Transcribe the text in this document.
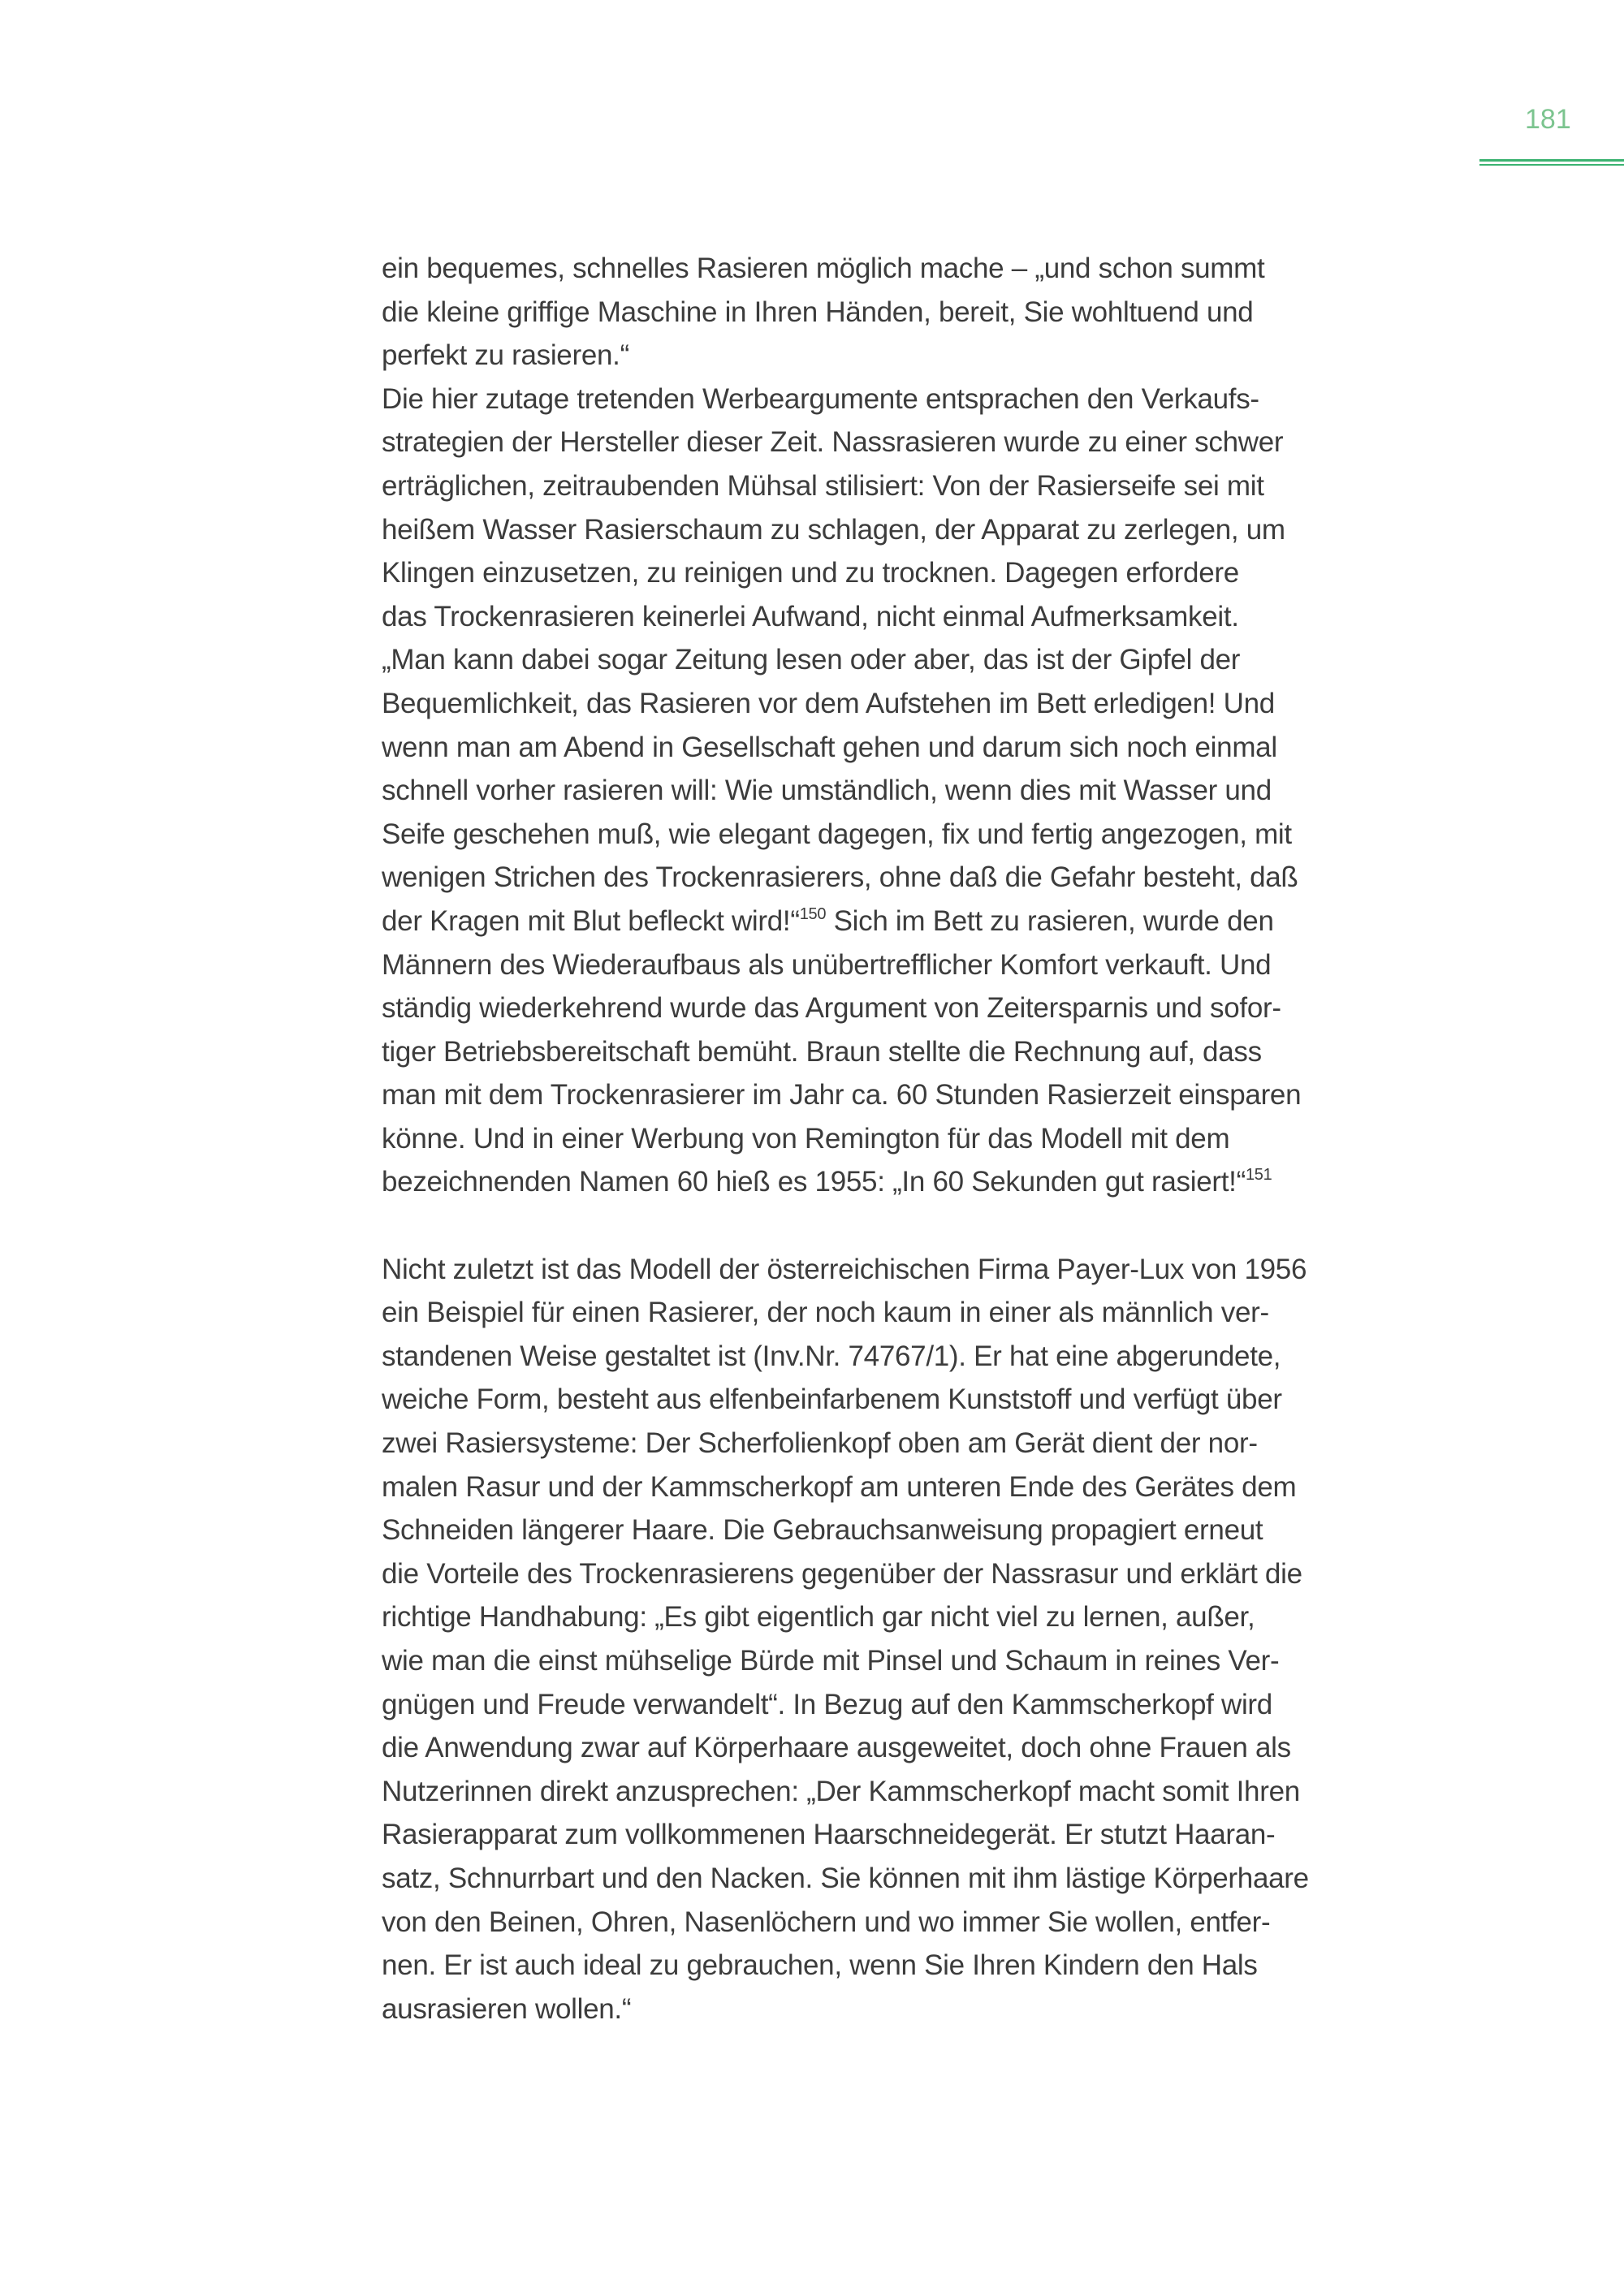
181
ein bequemes, schnelles Rasieren möglich mache – „und schon summt
die kleine griffige Maschine in Ihren Händen, bereit, Sie wohltuend und
perfekt zu rasieren.“
Die hier zutage tretenden Werbeargumente entsprachen den Verkaufs-
strategien der Hersteller dieser Zeit. Nassrasieren wurde zu einer schwer
erträglichen, zeitraubenden Mühsal stilisiert: Von der Rasierseife sei mit
heißem Wasser Rasierschaum zu schlagen, der Apparat zu zerlegen, um
Klingen einzusetzen, zu reinigen und zu trocknen. Dagegen erfordere
das Trockenrasieren keinerlei Aufwand, nicht einmal Aufmerksamkeit.
„Man kann dabei sogar Zeitung lesen oder aber, das ist der Gipfel der
Bequemlichkeit, das Rasieren vor dem Aufstehen im Bett erledigen! Und
wenn man am Abend in Gesellschaft gehen und darum sich noch einmal
schnell vorher rasieren will: Wie umständlich, wenn dies mit Wasser und
Seife geschehen muß, wie elegant dagegen, fix und fertig angezogen, mit
wenigen Strichen des Trockenrasierers, ohne daß die Gefahr besteht, daß
der Kragen mit Blut befleckt wird!“$^{150}$ Sich im Bett zu rasieren, wurde den
Männern des Wiederaufbaus als unübertrefflicher Komfort verkauft. Und
ständig wiederkehrend wurde das Argument von Zeitersparnis und sofor-
tiger Betriebsbereitschaft bemüht. Braun stellte die Rechnung auf, dass
man mit dem Trockenrasierer im Jahr ca. 60 Stunden Rasierzeit einsparen
könne. Und in einer Werbung von Remington für das Modell mit dem
bezeichnenden Namen 60 hieß es 1955: „In 60 Sekunden gut rasiert!“$^{151}$
Nicht zuletzt ist das Modell der österreichischen Firma Payer-Lux von 1956
ein Beispiel für einen Rasierer, der noch kaum in einer als männlich ver-
standenen Weise gestaltet ist (Inv.Nr. 74767/1). Er hat eine abgerundete,
weiche Form, besteht aus elfenbeinfarbenem Kunststoff und verfügt über
zwei Rasiersysteme: Der Scherfolienkopf oben am Gerät dient der nor-
malen Rasur und der Kammscherkopf am unteren Ende des Gerätes dem
Schneiden längerer Haare. Die Gebrauchsanweisung propagiert erneut
die Vorteile des Trockenrasierens gegenüber der Nassrasur und erklärt die
richtige Handhabung: „Es gibt eigentlich gar nicht viel zu lernen, außer,
wie man die einst mühselige Bürde mit Pinsel und Schaum in reines Ver-
gnügen und Freude verwandelt“. In Bezug auf den Kammscherkopf wird
die Anwendung zwar auf Körperhaare ausgeweitet, doch ohne Frauen als
Nutzerinnen direkt anzusprechen: „Der Kammscherkopf macht somit Ihren
Rasierapparat zum vollkommenen Haarschneidegerät. Er stutzt Haaran-
satz, Schnurrbart und den Nacken. Sie können mit ihm lästige Körperhaare
von den Beinen, Ohren, Nasenlöchern und wo immer Sie wollen, entfer-
nen. Er ist auch ideal zu gebrauchen, wenn Sie Ihren Kindern den Hals
ausrasieren wollen.“
